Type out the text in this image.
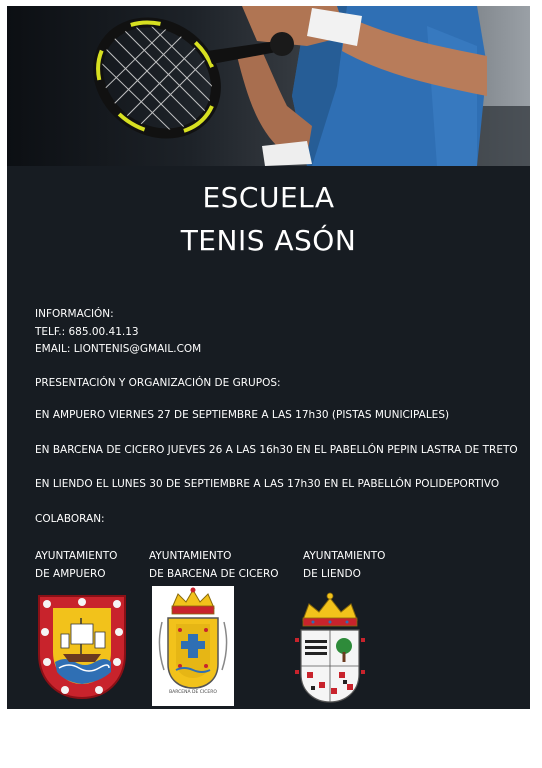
ESCUELA
TENIS ASÓN
INFORMACIÓN:
TELF.: 685.00.41.13
EMAIL: LIONTENIS@GMAIL.COM
PRESENTACIÓN Y ORGANIZACIÓN DE GRUPOS:
EN AMPUERO VIERNES 27 DE SEPTIEMBRE A LAS 17h30 (PISTAS MUNICIPALES)
EN BARCENA DE CICERO JUEVES 26 A LAS 16h30 EN EL PABELLÓN PEPIN LASTRA DE TRETO
EN LIENDO EL LUNES 30 DE SEPTIEMBRE A LAS 17h30 EN EL PABELLÓN POLIDEPORTIVO
COLABORAN:
AYUNTAMIENTO
DE AMPUERO
AYUNTAMIENTO
DE BARCENA DE CICERO
AYUNTAMIENTO
DE LIENDO
BARCENA DE CICERO
